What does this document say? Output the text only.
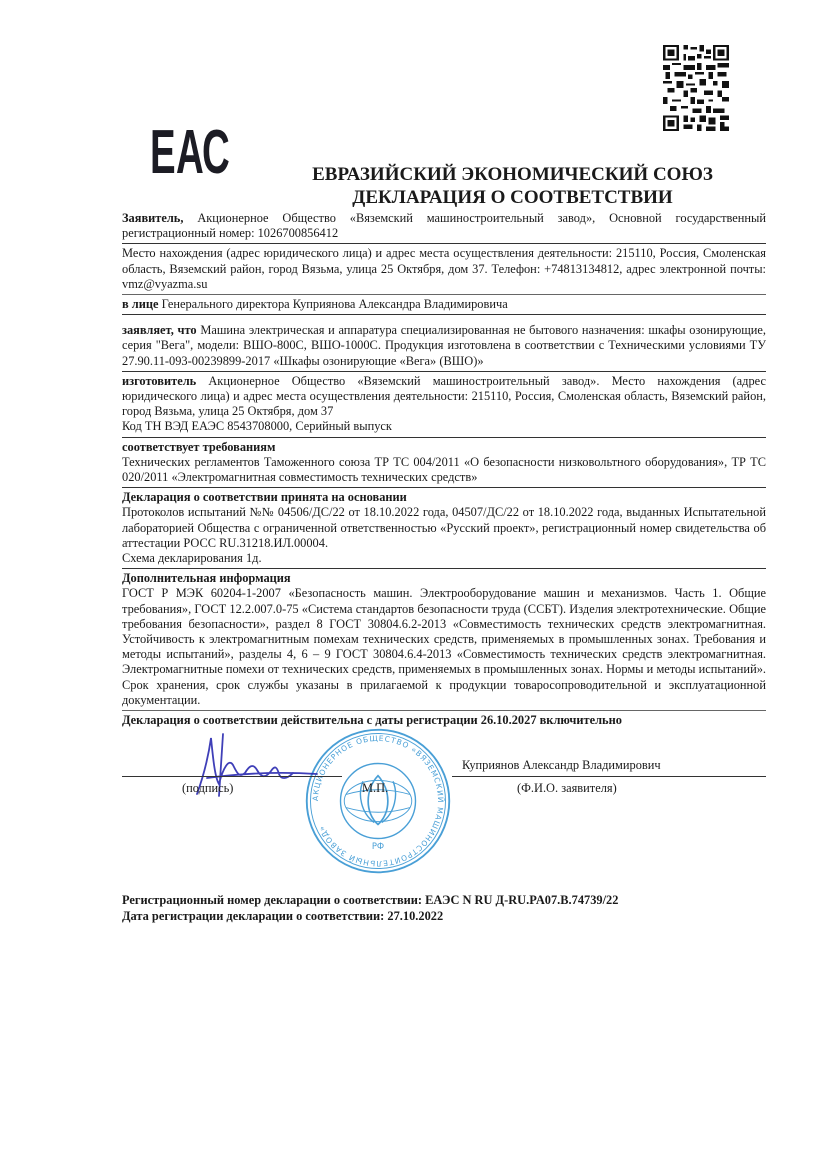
E A
C	ЕВРАЗИЙСКИЙ ЭКОНОМИЧЕСКИЙ СОЮЗ
ДЕКЛАРАЦИЯ О СООТВЕТСТВИИ
Заявитель, Акционерное Общество «Вяземский машиностроительный завод», Основной государственный регистрационный номер: 1026700856412
Место нахождения (адрес юридического лица) и адрес места осуществления деятельности: 215110, Россия, Смоленская область, Вяземский район, город Вязьма, улица 25 Октября, дом 37. Телефон: +74813134812, адрес электронной почты: vmz@vyazma.su
в лице Генерального директора Куприянова Александра Владимировича
заявляет, что Машина электрическая и аппаратура специализированная не бытового назначения: шкафы озонирующие, серия "Вега", модели: ВШО-800С, ВШО-1000С. Продукция изготовлена в соответствии с Техническими условиями ТУ 27.90.11-093-00239899-2017 «Шкафы озонирующие «Вега» (ВШО)»
изготовитель Акционерное Общество «Вяземский машиностроительный завод». Место нахождения (адрес юридического лица) и адрес места осуществления деятельности: 215110, Россия, Смоленская область, Вяземский район, город Вязьма, улица 25 Октября, дом 37
Код ТН ВЭД ЕАЭС 8543708000, Серийный выпуск
соответствует требованиям
Технических регламентов Таможенного союза ТР ТС 004/2011 «О безопасности низковольтного оборудования», ТР ТС 020/2011 «Электромагнитная совместимость технических средств»
Декларация о соответствии принята на основании
Протоколов испытаний №№ 04506/ДС/22 от 18.10.2022 года, 04507/ДС/22 от 18.10.2022 года, выданных Испытательной лабораторией Общества с ограниченной ответственностью «Русский проект», регистрационный номер свидетельства об аттестации РОСС RU.31218.ИЛ.00004.
Схема декларирования 1д.
Дополнительная информация
ГОСТ Р МЭК 60204-1-2007 «Безопасность машин. Электрооборудование машин и механизмов. Часть 1. Общие требования», ГОСТ 12.2.007.0-75 «Система стандартов безопасности труда (ССБТ). Изделия электротехнические. Общие требования безопасности», раздел 8 ГОСТ 30804.6.2-2013 «Совместимость технических средств электромагнитная. Устойчивость к электромагнитным помехам технических средств, применяемых в промышленных зонах. Требования и методы испытаний», разделы 4, 6 – 9 ГОСТ 30804.6.4-2013 «Совместимость технических средств электромагнитная. Электромагнитные помехи от технических средств, применяемых в промышленных зонах. Нормы и методы испытаний». Срок хранения, срок службы указаны в прилагаемой к продукции товаросопроводительной и эксплуатационной документации.
Декларация о соответствии действительна с даты регистрации 26.10.2027 включительно
АКЦИОНЕРНОЕ ОБЩЕСТВО «ВЯЗЕМСКИЙ МАШИНОСТРОИТЕЛЬНЫЙ ЗАВОД»
РФ
Куприянов Александр Владимирович
(подпись)	М.П.	(Ф.И.О. заявителя)
Регистрационный номер декларации о соответствии: ЕАЭС N RU Д-RU.PA07.B.74739/22
Дата регистрации декларации о соответствии: 27.10.2022
